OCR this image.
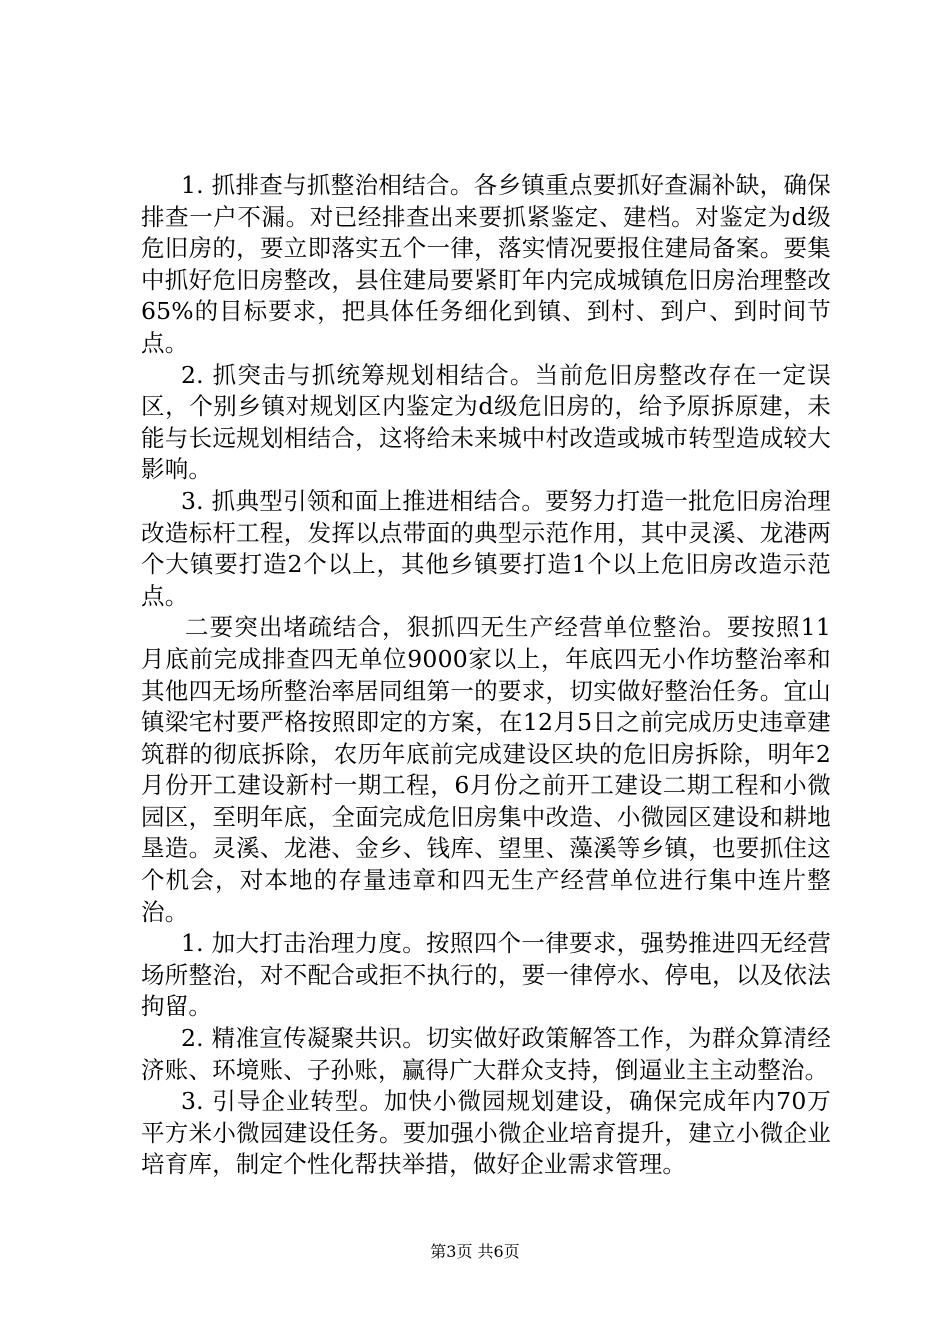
1. 抓排查与抓整治相结合。各乡镇重点要抓好查漏补缺，确保排查一户不漏。对已经排查出来要抓紧鉴定、建档。对鉴定为d级危旧房的，要立即落实五个一律，落实情况要报住建局备案。要集中抓好危旧房整改，县住建局要紧盯年内完成城镇危旧房治理整改65%的目标要求，把具体任务细化到镇、到村、到户、到时间节点。

2. 抓突击与抓统筹规划相结合。当前危旧房整改存在一定误区，个别乡镇对规划区内鉴定为d级危旧房的，给予原拆原建，未能与长远规划相结合，这将给未来城中村改造或城市转型造成较大影响。

3. 抓典型引领和面上推进相结合。要努力打造一批危旧房治理改造标杆工程，发挥以点带面的典型示范作用，其中灵溪、龙港两个大镇要打造2个以上，其他乡镇要打造1个以上危旧房改造示范点。

二要突出堵疏结合，狠抓四无生产经营单位整治。要按照11月底前完成排查四无单位9000家以上，年底四无小作坊整治率和其他四无场所整治率居同组第一的要求，切实做好整治任务。宜山镇梁宅村要严格按照即定的方案，在12月5日之前完成历史违章建筑群的彻底拆除，农历年底前完成建设区块的危旧房拆除，明年2月份开工建设新村一期工程，6月份之前开工建设二期工程和小微园区，至明年底，全面完成危旧房集中改造、小微园区建设和耕地垦造。灵溪、龙港、金乡、钱库、望里、藻溪等乡镇，也要抓住这个机会，对本地的存量违章和四无生产经营单位进行集中连片整治。

1. 加大打击治理力度。按照四个一律要求，强势推进四无经营场所整治，对不配合或拒不执行的，要一律停水、停电，以及依法拘留。

2. 精准宣传凝聚共识。切实做好政策解答工作，为群众算清经济账、环境账、子孙账，赢得广大群众支持，倒逼业主主动整治。

3. 引导企业转型。加快小微园规划建设，确保完成年内70万平方米小微园建设任务。要加强小微企业培育提升，建立小微企业培育库，制定个性化帮扶举措，做好企业需求管理。

第3页 共6页
